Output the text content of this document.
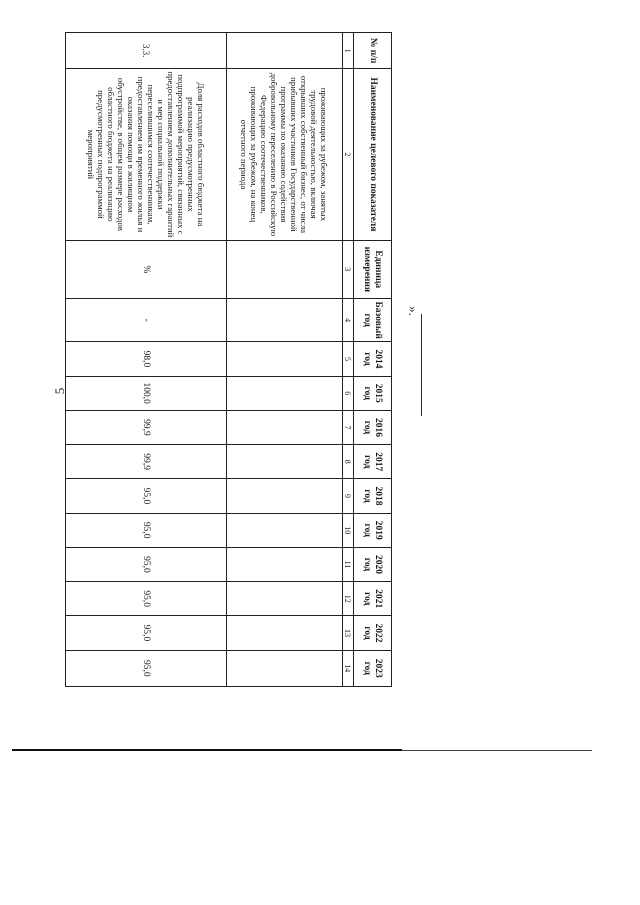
5
№ п/п	Наименование целевого показателя	Единица измерения	Базовый год	2014 год	2015 год	2016 год	2017 год	2018 год	2019 год	2020 год	2021 год	2022 год	2023 год
1	2	3	4	5	6	7	8	9	10	11	12	13	14
	проживающих за рубежом, занятых трудовой деятельностью, включая открывших собственный бизнес, от числа прибывших участников Государственной программы по оказанию содействия добровольному переселению в Российскую Федерацию соотечественников, проживающих за рубежом, на конец отчетного периода												
3.3.	Доля расходов областного бюджета на реализацию предусмотренных подпрограммой мероприятий, связанных с предоставлением дополнительных гарантий и мер социальной поддержки переселившимся соотечественникам, предоставлением им временного жилья и оказания помощи в жилищном обустройстве, в общем размере расходов областного бюджета на реализацию предусмотренных подпрограммой мероприятий	%	-	98,0	100,0	99,9	99,9	95,0	95,0	95,0	95,0	95,0	95,0
».
